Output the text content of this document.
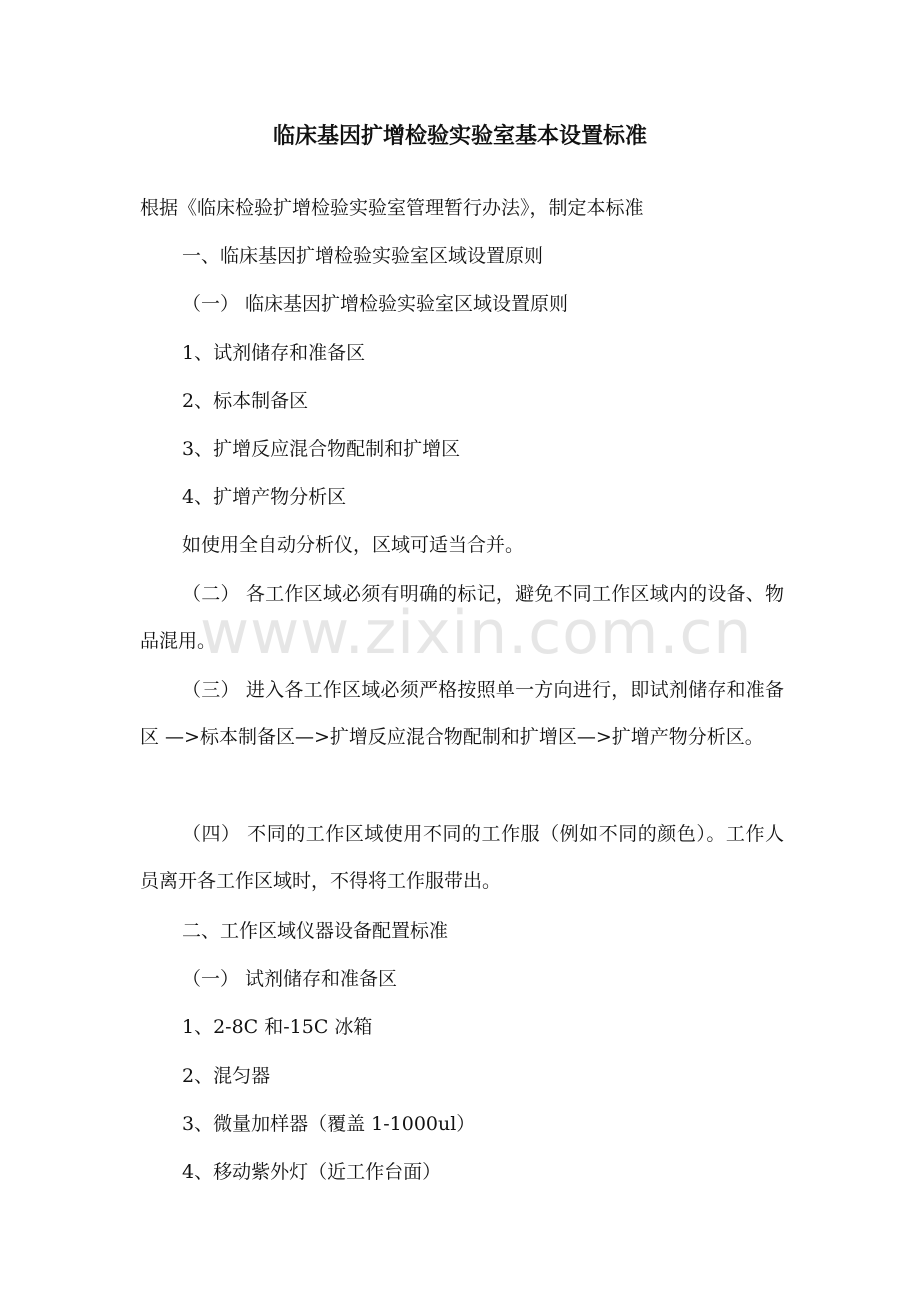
临床基因扩增检验实验室基本设置标准
根据《临床检验扩增检验实验室管理暂行办法》，制定本标准
一、临床基因扩增检验实验室区域设置原则
（一） 临床基因扩增检验实验室区域设置原则
1、试剂储存和准备区
2、标本制备区
3、扩增反应混合物配制和扩增区
4、扩增产物分析区
如使用全自动分析仪，区域可适当合并。
（二） 各工作区域必须有明确的标记，避免不同工作区域内的设备、物品混用。
（三） 进入各工作区域必须严格按照单一方向进行，即试剂储存和准备区 —>标本制备区—>扩增反应混合物配制和扩增区—>扩增产物分析区。
（四） 不同的工作区域使用不同的工作服（例如不同的颜色）。工作人员离开各工作区域时，不得将工作服带出。
二、工作区域仪器设备配置标准
（一） 试剂储存和准备区
1、2-8C 和-15C 冰箱
2、混匀器
3、微量加样器（覆盖 1-1000ul）
4、移动紫外灯（近工作台面）
www.zixin.com.cn
